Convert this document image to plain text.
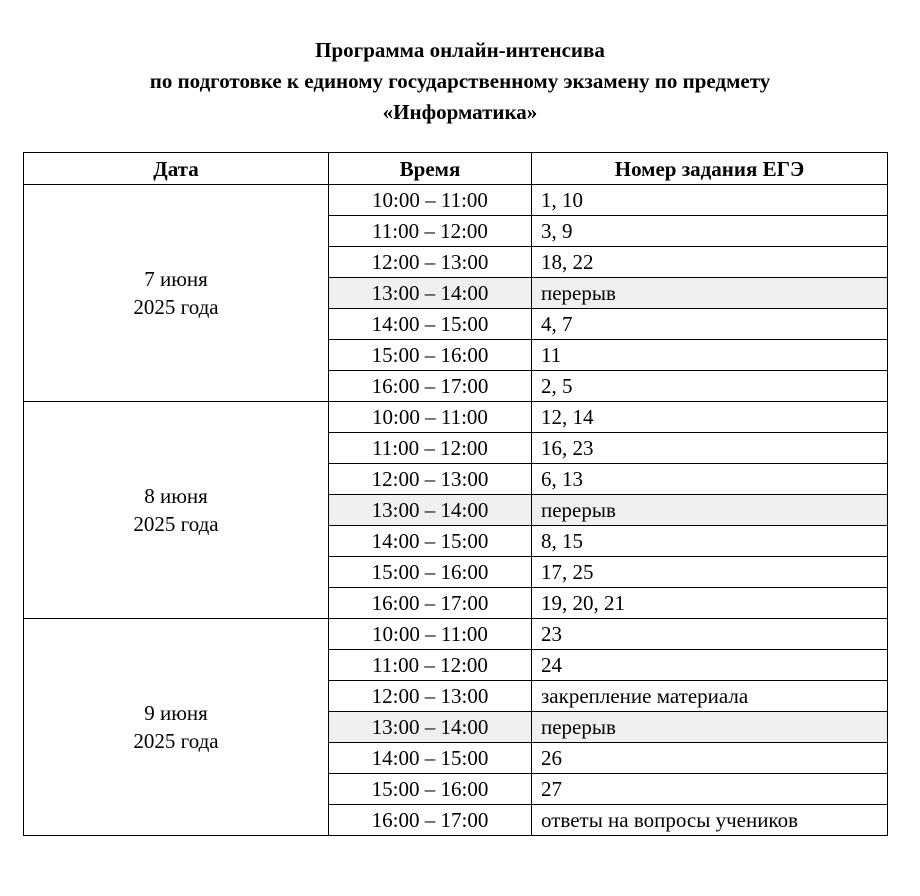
Программа онлайн-интенсива
по подготовке к единому государственному экзамену по предмету
«Информатика»
Дата	Время	Номер задания ЕГЭ

7 июня
2025 года	10:00 – 11:00	1, 10
	11:00 – 12:00	3, 9
	12:00 – 13:00	18, 22
	13:00 – 14:00	перерыв
	14:00 – 15:00	4, 7
	15:00 – 16:00	11
	16:00 – 17:00	2, 5

8 июня
2025 года	10:00 – 11:00	12, 14
	11:00 – 12:00	16, 23
	12:00 – 13:00	6, 13
	13:00 – 14:00	перерыв
	14:00 – 15:00	8, 15
	15:00 – 16:00	17, 25
	16:00 – 17:00	19, 20, 21

9 июня
2025 года	10:00 – 11:00	23
	11:00 – 12:00	24
	12:00 – 13:00	закрепление материала
	13:00 – 14:00	перерыв
	14:00 – 15:00	26
	15:00 – 16:00	27
	16:00 – 17:00	ответы на вопросы учеников
